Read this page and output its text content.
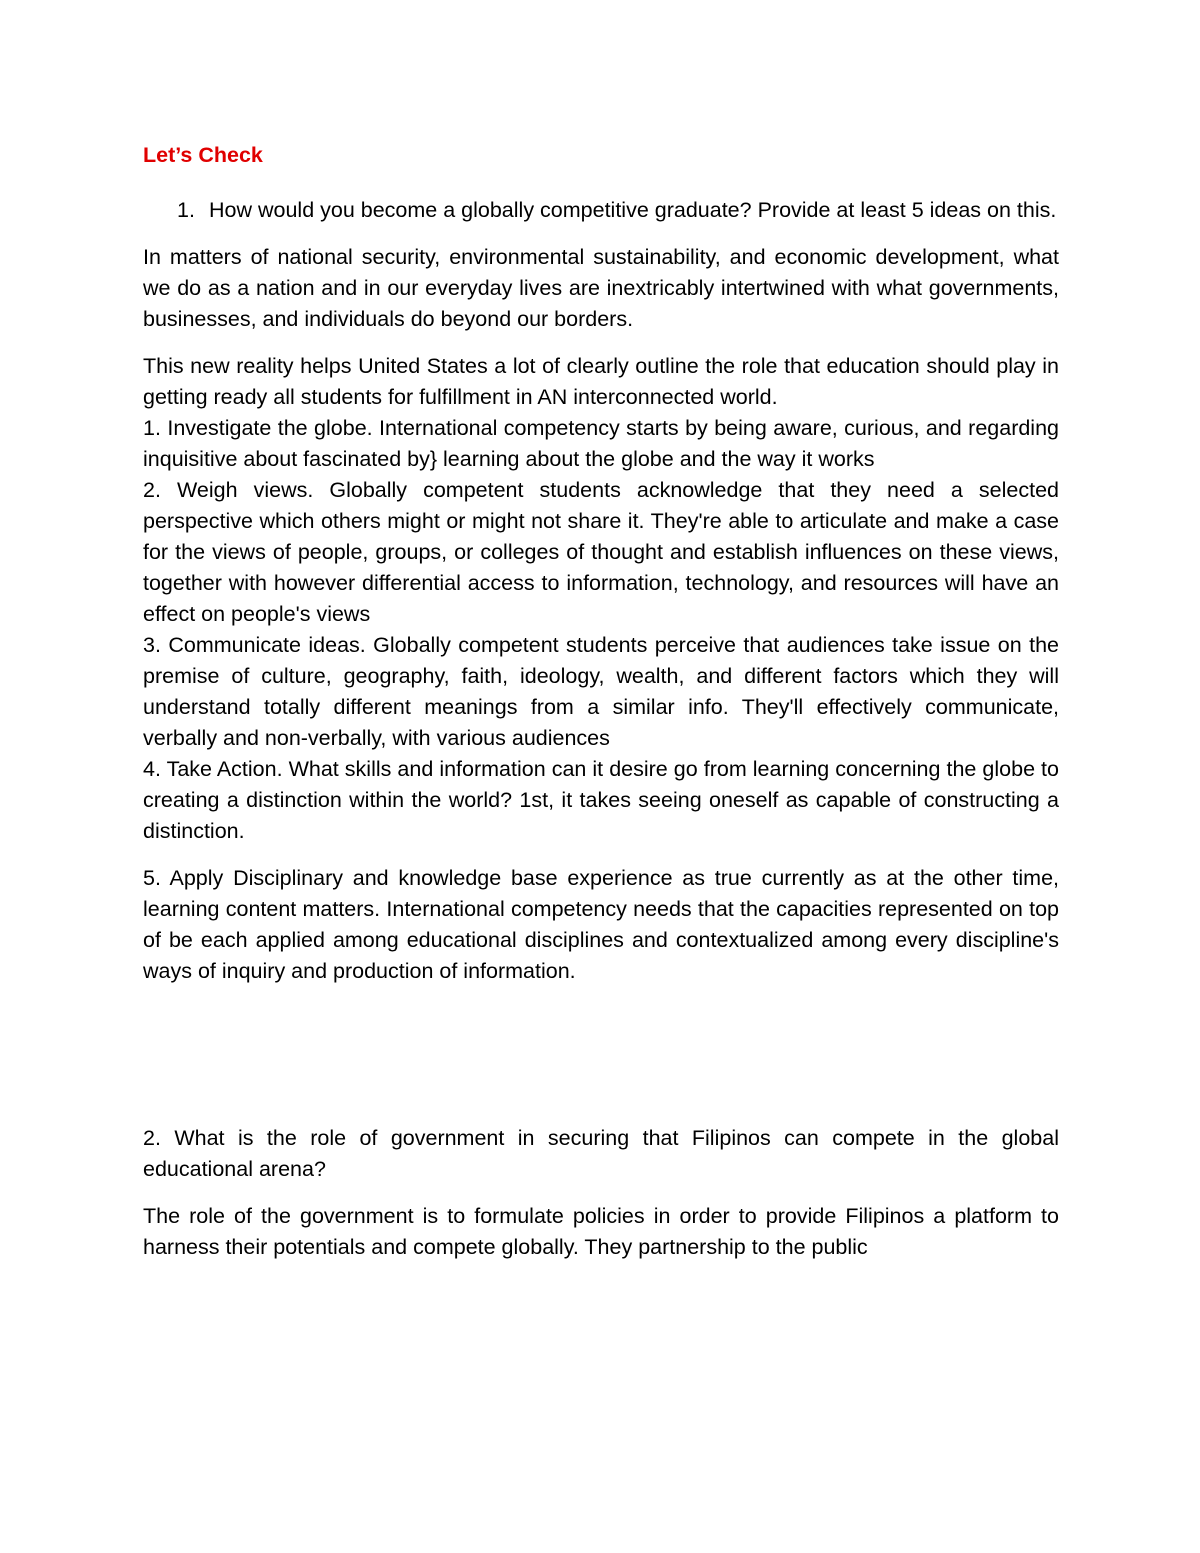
Let’s Check
1. How would you become a globally competitive graduate? Provide at least 5 ideas on this.

In matters of national security, environmental sustainability, and economic development, what we do as a nation and in our everyday lives are inextricably intertwined with what governments, businesses, and individuals do beyond our borders.

This new reality helps United States a lot of clearly outline the role that education should play in getting ready all students for fulfillment in AN interconnected world.

1. Investigate the globe. International competency starts by being aware, curious, and regarding inquisitive about fascinated by} learning about the globe and the way it works
2. Weigh views. Globally competent students acknowledge that they need a selected perspective which others might or might not share it. They're able to articulate and make a case for the views of people, groups, or colleges of thought and establish influences on these views, together with however differential access to information, technology, and resources will have an effect on people's views
3. Communicate ideas. Globally competent students perceive that audiences take issue on the premise of culture, geography, faith, ideology, wealth, and different factors which they will understand totally different meanings from a similar info. They'll effectively communicate, verbally and non-verbally, with various audiences
4. Take Action. What skills and information can it desire go from learning concerning the globe to creating a distinction within the world? 1st, it takes seeing oneself as capable of constructing a distinction.

5. Apply Disciplinary and knowledge base experience as true currently as at the other time, learning content matters. International competency needs that the capacities represented on top of be each applied among educational disciplines and contextualized among every discipline's ways of inquiry and production of information.

2. What is the role of government in securing that Filipinos can compete in the global educational arena?

The role of the government is to formulate policies in order to provide Filipinos a platform to harness their potentials and compete globally. They partnership to the public
